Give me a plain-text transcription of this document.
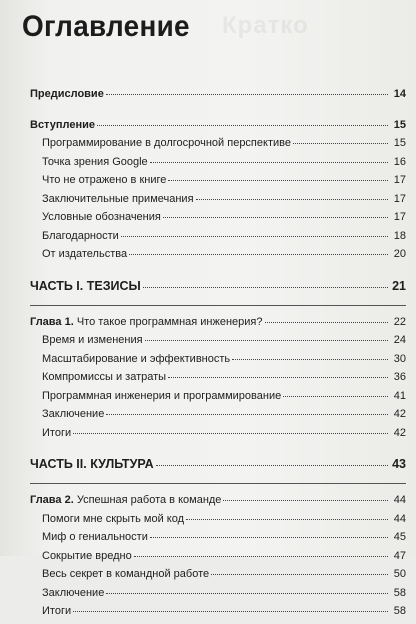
Кратко
Оглавление
Предисловие	14
Вступление	15
Программирование в долгосрочной перспективе	15
Точка зрения Google	16
Что не отражено в книге	17
Заключительные примечания	17
Условные обозначения	17
Благодарности	18
От издательства	20
ЧАСТЬ I. ТЕЗИСЫ	21
Глава 1. Что такое программная инженерия?	22
Время и изменения	24
Масштабирование и эффективность	30
Компромиссы и затраты	36
Программная инженерия и программирование	41
Заключение	42
Итоги	42
ЧАСТЬ II. КУЛЬТУРА	43
Глава 2. Успешная работа в команде	44
Помоги мне скрыть мой код	44
Миф о гениальности	45
Сокрытие вредно	47
Весь секрет в командной работе	50
Заключение	58
Итоги	58
